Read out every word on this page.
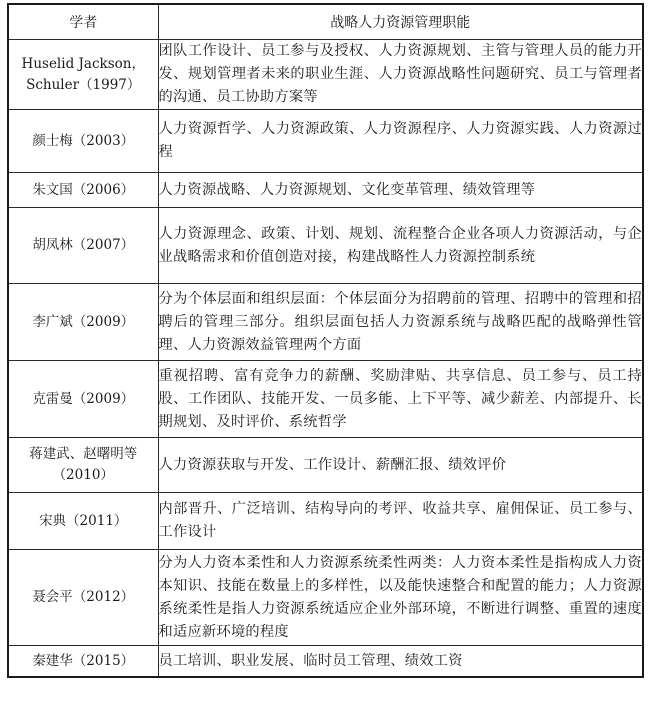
学者	战略人力资源管理职能
Huselid Jackson，Schuler（1997）	团队工作设计、员工参与及授权、人力资源规划、主管与管理人员的能力开发、规划管理者未来的职业生涯、人力资源战略性问题研究、员工与管理者的沟通、员工协助方案等
颜士梅（2003）	人力资源哲学、人力资源政策、人力资源程序、人力资源实践、人力资源过程
朱文国（2006）	人力资源战略、人力资源规划、文化变革管理、绩效管理等
胡凤林（2007）	人力资源理念、政策、计划、规划、流程整合企业各项人力资源活动，与企业战略需求和价值创造对接，构建战略性人力资源控制系统
李广斌（2009）	分为个体层面和组织层面：个体层面分为招聘前的管理、招聘中的管理和招聘后的管理三部分。组织层面包括人力资源系统与战略匹配的战略弹性管理、人力资源效益管理两个方面
克雷曼（2009）	重视招聘、富有竞争力的薪酬、奖励津贴、共享信息、员工参与、员工持股、工作团队、技能开发、一员多能、上下平等、减少薪差、内部提升、长期规划、及时评价、系统哲学
蒋建武、赵曙明等（2010）	人力资源获取与开发、工作设计、薪酬汇报、绩效评价
宋典（2011）	内部晋升、广泛培训、结构导向的考评、收益共享、雇佣保证、员工参与、工作设计
聂会平（2012）	分为人力资本柔性和人力资源系统柔性两类：人力资本柔性是指构成人力资本知识、技能在数量上的多样性，以及能快速整合和配置的能力；人力资源系统柔性是指人力资源系统适应企业外部环境，不断进行调整、重置的速度和适应新环境的程度
秦建华（2015）	员工培训、职业发展、临时员工管理、绩效工资
